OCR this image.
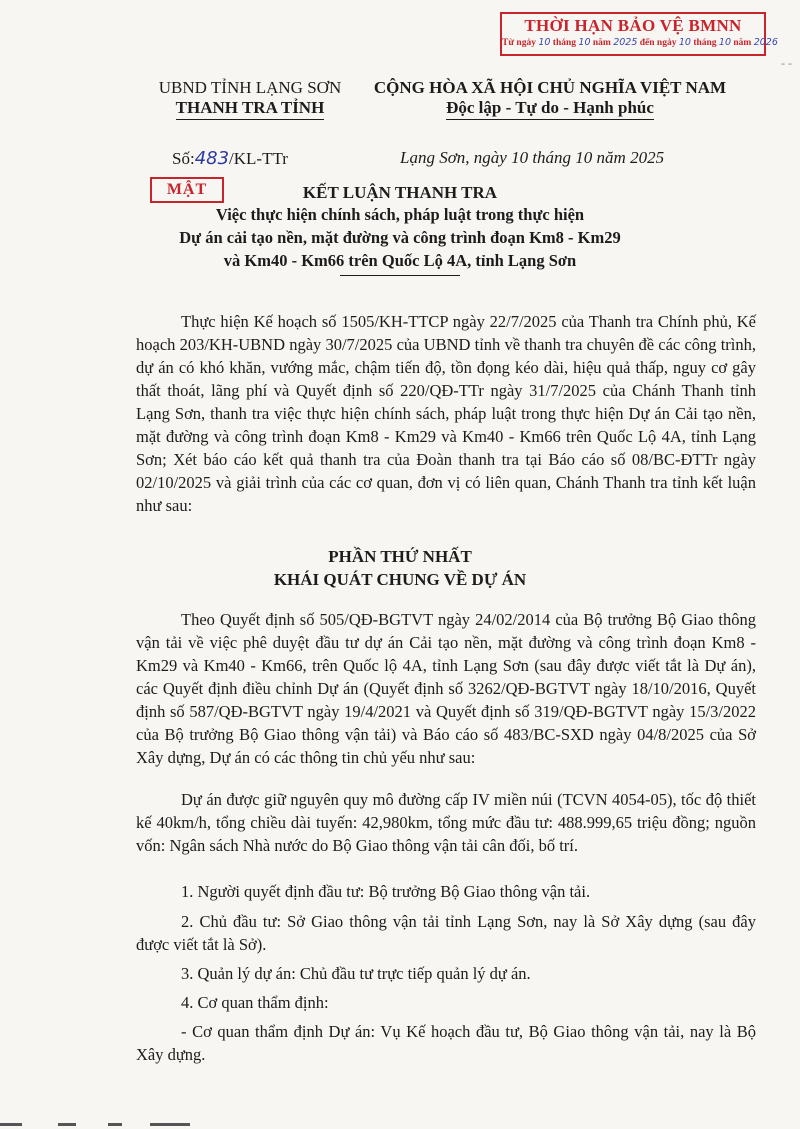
THỜI HẠN BẢO VỆ BMNN
Từ ngày 10 tháng 10 năm 2025 đến ngày 10 tháng 10 năm 2026
- -
UBND TỈNH LẠNG SƠN
THANH TRA TỈNH
CỘNG HÒA XÃ HỘI CHỦ NGHĨA VIỆT NAM
Độc lập - Tự do - Hạnh phúc
Số:483/KL-TTr	Lạng Sơn, ngày 10 tháng 10 năm 2025
MẬT	KẾT LUẬN THANH TRA
Việc thực hiện chính sách, pháp luật trong thực hiện
Dự án cải tạo nền, mặt đường và công trình đoạn Km8 - Km29
và Km40 - Km66 trên Quốc Lộ 4A, tỉnh Lạng Sơn
Thực hiện Kế hoạch số 1505/KH-TTCP ngày 22/7/2025 của Thanh tra Chính phủ, Kế hoạch 203/KH-UBND ngày 30/7/2025 của UBND tỉnh về thanh tra chuyên đề các công trình, dự án có khó khăn, vướng mắc, chậm tiến độ, tồn đọng kéo dài, hiệu quả thấp, nguy cơ gây thất thoát, lãng phí và Quyết định số 220/QĐ-TTr ngày 31/7/2025 của Chánh Thanh tỉnh Lạng Sơn, thanh tra việc thực hiện chính sách, pháp luật trong thực hiện Dự án Cải tạo nền, mặt đường và công trình đoạn Km8 - Km29 và Km40 - Km66 trên Quốc Lộ 4A, tỉnh Lạng Sơn; Xét báo cáo kết quả thanh tra của Đoàn thanh tra tại Báo cáo số 08/BC-ĐTTr ngày 02/10/2025 và giải trình của các cơ quan, đơn vị có liên quan, Chánh Thanh tra tỉnh kết luận như sau:
PHẦN THỨ NHẤT
KHÁI QUÁT CHUNG VỀ DỰ ÁN
Theo Quyết định số 505/QĐ-BGTVT ngày 24/02/2014 của Bộ trưởng Bộ Giao thông vận tải về việc phê duyệt đầu tư dự án Cải tạo nền, mặt đường và công trình đoạn Km8 - Km29 và Km40 - Km66, trên Quốc lộ 4A, tỉnh Lạng Sơn (sau đây được viết tắt là Dự án), các Quyết định điều chỉnh Dự án (Quyết định số 3262/QĐ-BGTVT ngày 18/10/2016, Quyết định số 587/QĐ-BGTVT ngày 19/4/2021 và Quyết định số 319/QĐ-BGTVT ngày 15/3/2022 của Bộ trưởng Bộ Giao thông vận tải) và Báo cáo số 483/BC-SXD ngày 04/8/2025 của Sở Xây dựng, Dự án có các thông tin chủ yếu như sau:
Dự án được giữ nguyên quy mô đường cấp IV miền núi (TCVN 4054-05), tốc độ thiết kế 40km/h, tổng chiều dài tuyến: 42,980km, tổng mức đầu tư: 488.999,65 triệu đồng; nguồn vốn: Ngân sách Nhà nước do Bộ Giao thông vận tải cân đối, bố trí.
1. Người quyết định đầu tư: Bộ trưởng Bộ Giao thông vận tải.
2. Chủ đầu tư: Sở Giao thông vận tải tỉnh Lạng Sơn, nay là Sở Xây dựng (sau đây được viết tắt là Sở).
3. Quản lý dự án: Chủ đầu tư trực tiếp quản lý dự án.
4. Cơ quan thẩm định:
- Cơ quan thẩm định Dự án: Vụ Kế hoạch đầu tư, Bộ Giao thông vận tải, nay là Bộ Xây dựng.
